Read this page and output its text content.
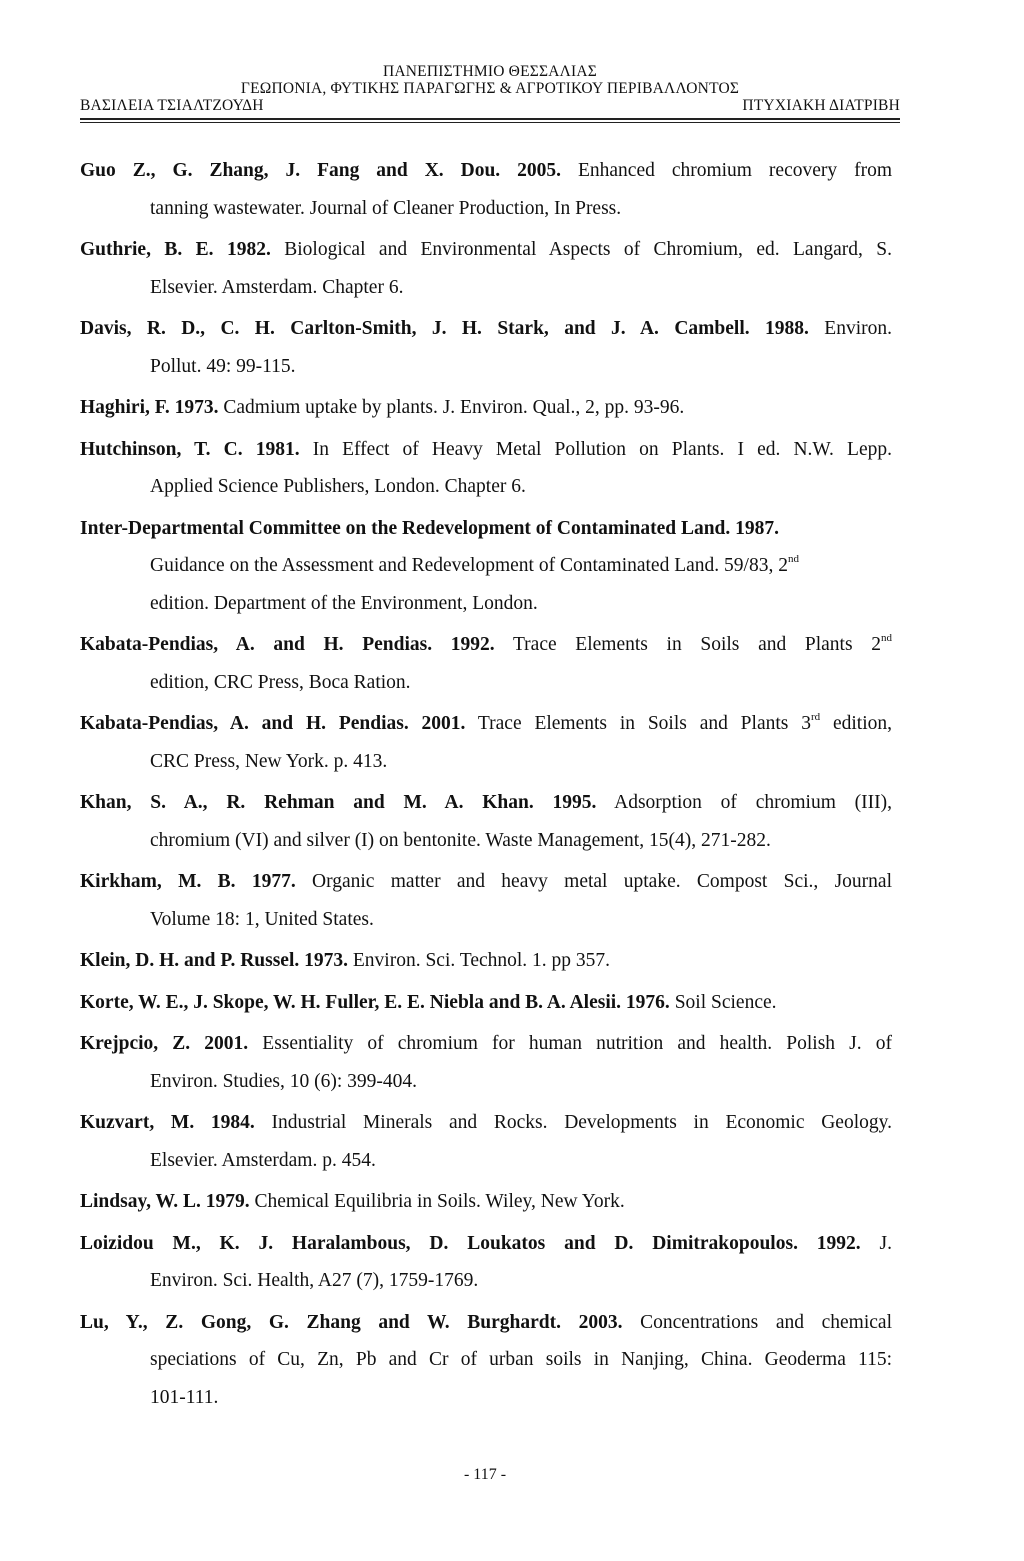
ΠΑΝΕΠΙΣΤΗΜΙΟ ΘΕΣΣΑΛΙΑΣ
ΓΕΩΠΟΝΙΑ, ΦΥΤΙΚΗΣ ΠΑΡΑΓΩΓΗΣ & ΑΓΡΟΤΙΚΟΥ ΠΕΡΙΒΑΛΛΟΝΤΟΣ
ΒΑΣΙΛΕΙΑ ΤΣΙΑΛΤΖΟΥΔΗ	ΠΤΥΧΙΑΚΗ ΔΙΑΤΡΙΒΗ
Guo Z., G. Zhang, J. Fang and X. Dou. 2005. Enhanced chromium recovery from
tanning wastewater. Journal of Cleaner Production, In Press.
Guthrie, B. E. 1982. Biological and Environmental Aspects of Chromium, ed. Langard, S.
Elsevier. Amsterdam. Chapter 6.
Davis, R. D., C. H. Carlton-Smith, J. H. Stark, and J. A. Cambell. 1988. Environ.
Pollut. 49: 99-115.
Haghiri, F. 1973. Cadmium uptake by plants. J. Environ. Qual., 2, pp. 93-96.
Hutchinson, T. C. 1981. In Effect of Heavy Metal Pollution on Plants. I ed. N.W. Lepp.
Applied Science Publishers, London. Chapter 6.
Inter-Departmental Committee on the Redevelopment of Contaminated Land. 1987.
Guidance on the Assessment and Redevelopment of Contaminated Land. 59/83, 2nd
edition. Department of the Environment, London.
Kabata-Pendias, A. and H. Pendias. 1992. Trace Elements in Soils and Plants 2nd
edition, CRC Press, Boca Ration.
Kabata-Pendias, A. and H. Pendias. 2001. Trace Elements in Soils and Plants 3rd edition,
CRC Press, New York. p. 413.
Khan, S. A., R. Rehman and M. A. Khan. 1995. Adsorption of chromium (III),
chromium (VI) and silver (I) on bentonite. Waste Management, 15(4), 271-282.
Kirkham, M. B. 1977. Organic matter and heavy metal uptake. Compost Sci., Journal
Volume 18: 1, United States.
Klein, D. H. and P. Russel. 1973. Environ. Sci. Technol. 1. pp 357.
Korte, W. E., J. Skope, W. H. Fuller, E. E. Niebla and B. A. Alesii. 1976. Soil Science.
Krejpcio, Z. 2001. Essentiality of chromium for human nutrition and health. Polish J. of
Environ. Studies, 10 (6): 399-404.
Kuzvart, M. 1984. Industrial Minerals and Rocks. Developments in Economic Geology.
Elsevier. Amsterdam. p. 454.
Lindsay, W. L. 1979. Chemical Equilibria in Soils. Wiley, New York.
Loizidou M., K. J. Haralambous, D. Loukatos and D. Dimitrakopoulos. 1992. J.
Environ. Sci. Health, A27 (7), 1759-1769.
Lu, Y., Z. Gong, G. Zhang and W. Burghardt. 2003. Concentrations and chemical
speciations of Cu, Zn, Pb and Cr of urban soils in Nanjing, China. Geoderma 115:
101-111.
- 117 -
